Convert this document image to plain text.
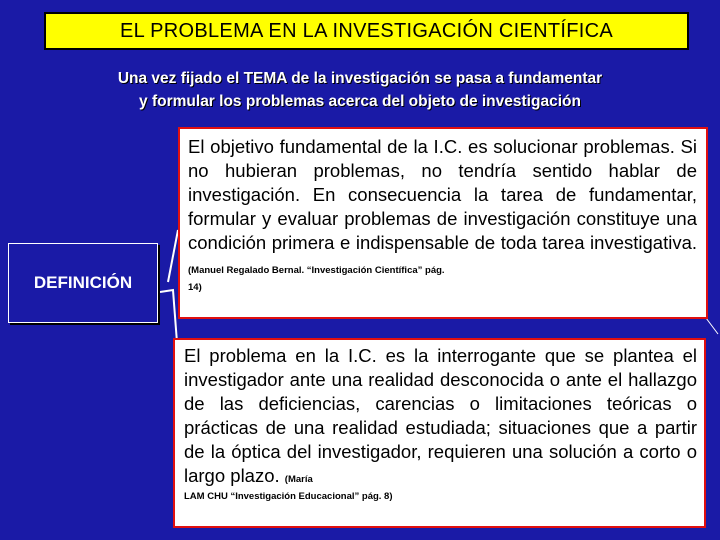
EL PROBLEMA EN LA INVESTIGACIÓN CIENTÍFICA
Una vez fijado el TEMA de la investigación se pasa a fundamentar
y formular los problemas acerca del objeto de investigación
DEFINICIÓN
El objetivo fundamental de la I.C. es solucionar problemas. Si no hubieran problemas, no tendría sentido hablar de investigación. En consecuencia la tarea de fundamentar, formular y evaluar problemas de investigación constituye una condición primera e indispensable de toda tarea investigativa. (Manuel Regalado Bernal. “Investigación Científica” pág.
14)
El problema en la I.C. es la interrogante que se plantea el investigador ante una realidad desconocida o ante el hallazgo de las deficiencias, carencias o limitaciones teóricas o prácticas de una realidad estudiada; situaciones que a partir de la óptica del investigador, requieren una solución a corto o largo plazo. (María
LAM CHU “Investigación Educacional” pág. 8)
